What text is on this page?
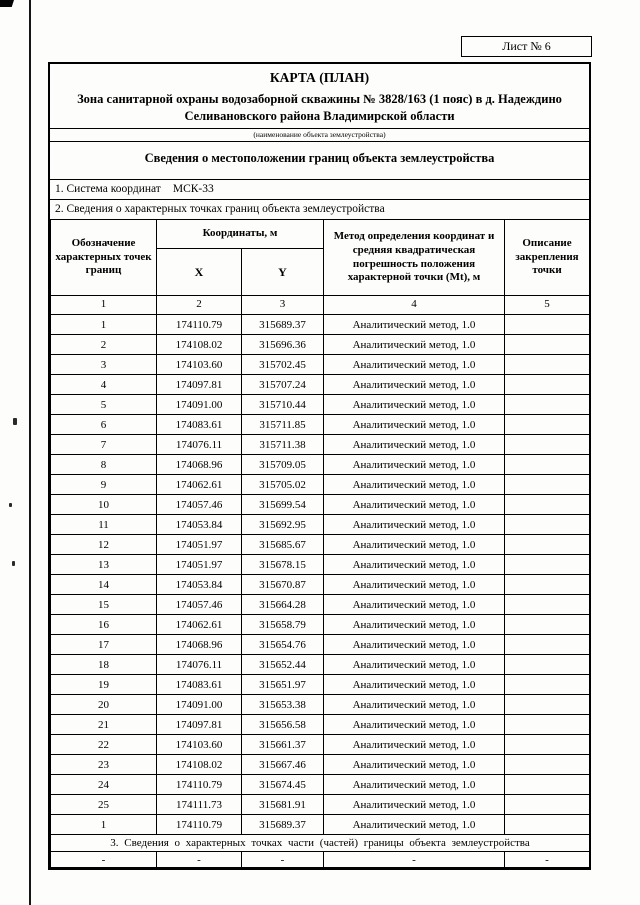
Лист № 6
КАРТА (ПЛАН)
Зона санитарной охраны водозаборной скважины № 3828/163 (1 пояс) в д. Надеждино Селивановского района Владимирской области
(наименование объекта землеустройства)
Сведения о местоположении границ объекта землеустройства
1. Система координат МСК-33
2. Сведения о характерных точках границ объекта землеустройства
Обозначение характерных точек границ	Координаты, м		Метод определения координат и средняя квадратическая погрешность положения характерной точки (Mt), м	Описание закрепления точки
	X	Y		
1	2	3	4	5
1	174110.79	315689.37	Аналитический метод, 1.0	
2	174108.02	315696.36	Аналитический метод, 1.0	
3	174103.60	315702.45	Аналитический метод, 1.0	
4	174097.81	315707.24	Аналитический метод, 1.0	
5	174091.00	315710.44	Аналитический метод, 1.0	
6	174083.61	315711.85	Аналитический метод, 1.0	
7	174076.11	315711.38	Аналитический метод, 1.0	
8	174068.96	315709.05	Аналитический метод, 1.0	
9	174062.61	315705.02	Аналитический метод, 1.0	
10	174057.46	315699.54	Аналитический метод, 1.0	
11	174053.84	315692.95	Аналитический метод, 1.0	
12	174051.97	315685.67	Аналитический метод, 1.0	
13	174051.97	315678.15	Аналитический метод, 1.0	
14	174053.84	315670.87	Аналитический метод, 1.0	
15	174057.46	315664.28	Аналитический метод, 1.0	
16	174062.61	315658.79	Аналитический метод, 1.0	
17	174068.96	315654.76	Аналитический метод, 1.0	
18	174076.11	315652.44	Аналитический метод, 1.0	
19	174083.61	315651.97	Аналитический метод, 1.0	
20	174091.00	315653.38	Аналитический метод, 1.0	
21	174097.81	315656.58	Аналитический метод, 1.0	
22	174103.60	315661.37	Аналитический метод, 1.0	
23	174108.02	315667.46	Аналитический метод, 1.0	
24	174110.79	315674.45	Аналитический метод, 1.0	
25	174111.73	315681.91	Аналитический метод, 1.0	
1	174110.79	315689.37	Аналитический метод, 1.0	
3. Сведения о характерных точках части (частей) границы объекта землеустройства				
-	-	-	-	-
